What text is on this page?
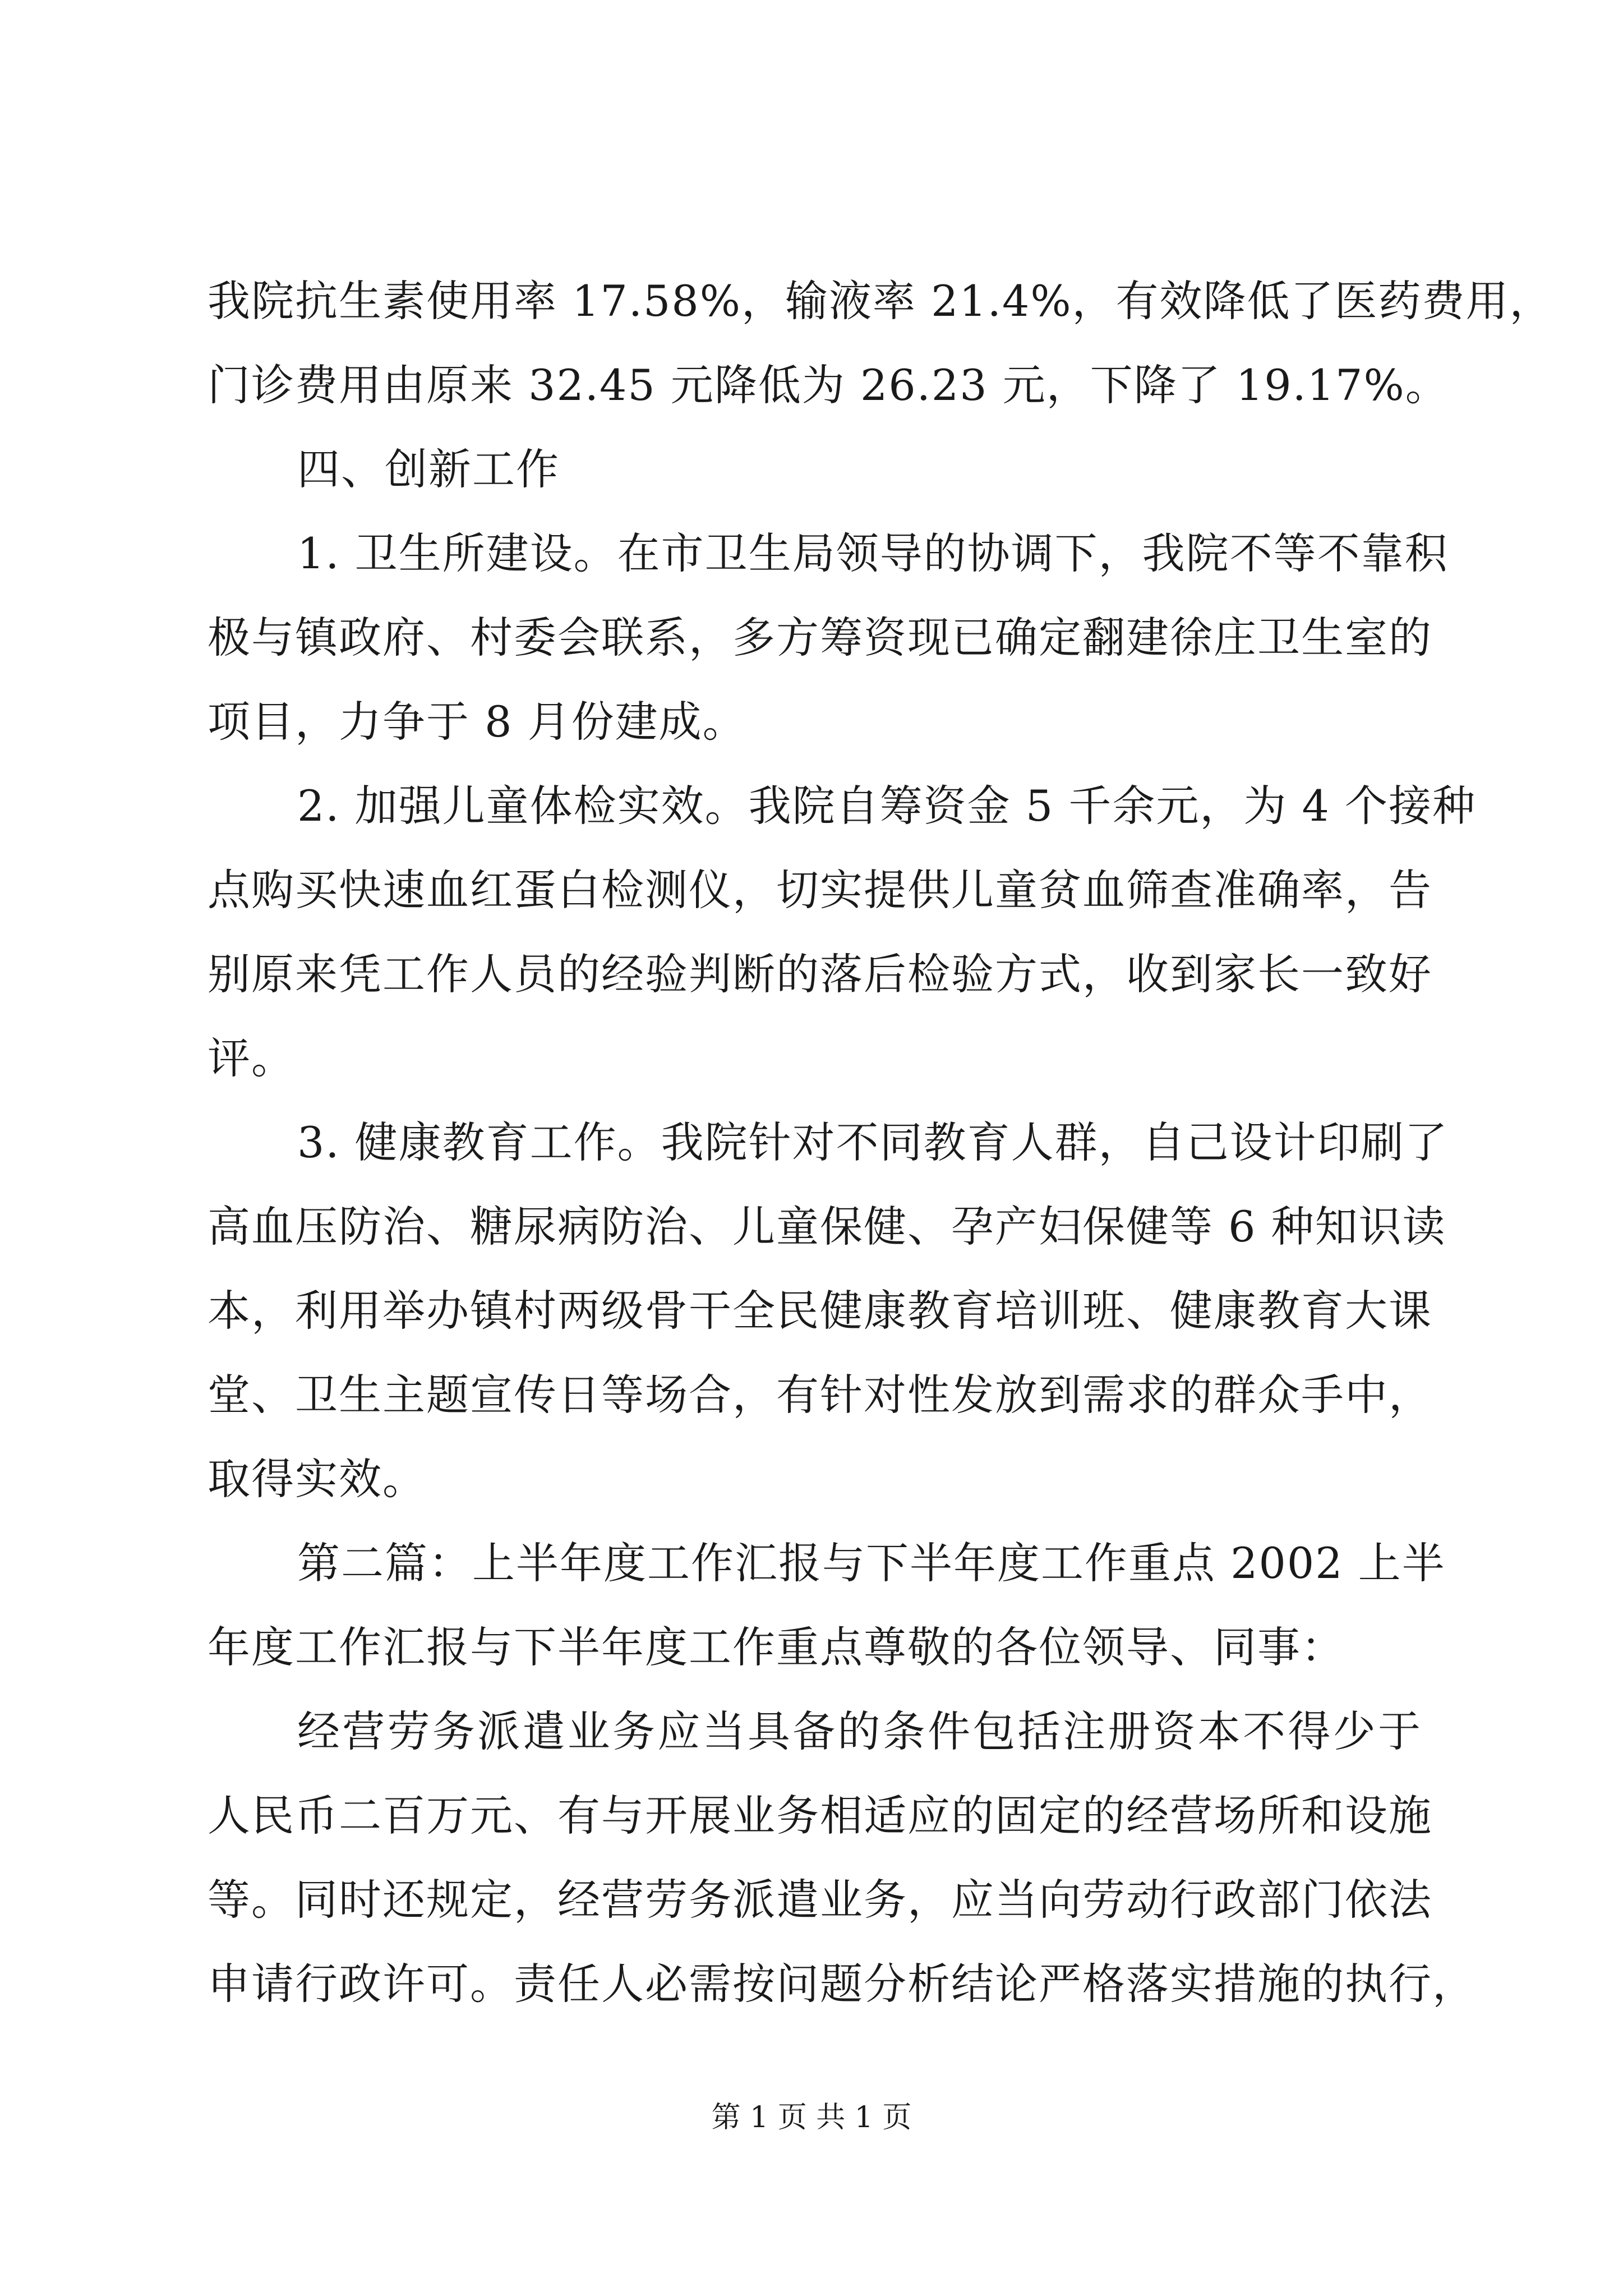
我院抗生素使用率 17.58%，输液率 21.4%，有效降低了医药费用，
门诊费用由原来 32.45 元降低为 26.23 元，下降了 19.17%。
四、创新工作
1. 卫生所建设。在市卫生局领导的协调下，我院不等不靠积
极与镇政府、村委会联系，多方筹资现已确定翻建徐庄卫生室的
项目，力争于 8 月份建成。
2. 加强儿童体检实效。我院自筹资金 5 千余元，为 4 个接种
点购买快速血红蛋白检测仪，切实提供儿童贫血筛查准确率，告
别原来凭工作人员的经验判断的落后检验方式，收到家长一致好
评。
3. 健康教育工作。我院针对不同教育人群，自己设计印刷了
高血压防治、糖尿病防治、儿童保健、孕产妇保健等 6 种知识读
本，利用举办镇村两级骨干全民健康教育培训班、健康教育大课
堂、卫生主题宣传日等场合，有针对性发放到需求的群众手中，
取得实效。
第二篇：上半年度工作汇报与下半年度工作重点 2002 上半
年度工作汇报与下半年度工作重点尊敬的各位领导、同事：
经营劳务派遣业务应当具备的条件包括注册资本不得少于
人民币二百万元、有与开展业务相适应的固定的经营场所和设施
等。同时还规定，经营劳务派遣业务，应当向劳动行政部门依法
申请行政许可。责任人必需按问题分析结论严格落实措施的执行，
第 1 页 共 1 页
